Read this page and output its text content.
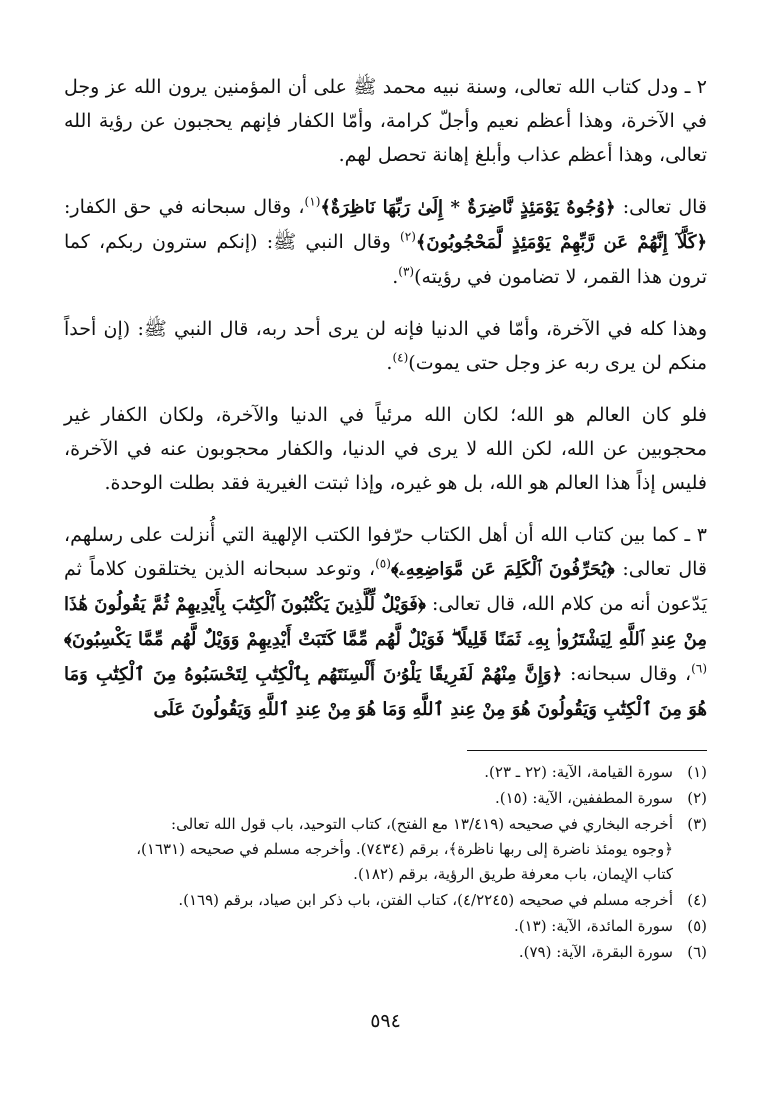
٢ ـ ودل كتاب الله تعالى، وسنة نبيه محمد ﷺ على أن المؤمنين يرون الله عز وجل في الآخرة، وهذا أعظم نعيم وأجلّ كرامة، وأمّا الكفار فإنهم يحجبون عن رؤية الله تعالى، وهذا أعظم عذاب وأبلغ إهانة تحصل لهم.

قال تعالى: ﴿وُجُوهٌ يَوْمَئِذٍ نَّاضِرَةٌ * إِلَىٰ رَبِّهَا نَاظِرَةٌ﴾$^{(١)}$، وقال سبحانه في حق الكفار: ﴿كَلَّآ إِنَّهُمْ عَن رَّبِّهِمْ يَوْمَئِذٍ لَّمَحْجُوبُونَ﴾$^{(٢)}$ وقال النبي ﷺ: (إنكم سترون ربكم، كما ترون هذا القمر، لا تضامون في رؤيته)$^{(٣)}$.

وهذا كله في الآخرة، وأمّا في الدنيا فإنه لن يرى أحد ربه، قال النبي ﷺ: (إن أحداً منكم لن يرى ربه عز وجل حتى يموت)$^{(٤)}$.

فلو كان العالم هو الله؛ لكان الله مرئياً في الدنيا والآخرة، ولكان الكفار غير محجوبين عن الله، لكن الله لا يرى في الدنيا، والكفار محجوبون عنه في الآخرة، فليس إذاً هذا العالم هو الله، بل هو غيره، وإذا ثبتت الغيرية فقد بطلت الوحدة.

٣ ـ كما بين كتاب الله أن أهل الكتاب حرّفوا الكتب الإلهية التي أُنزلت على رسلهم، قال تعالى: ﴿يُحَرِّفُونَ ٱلْكَلِمَ عَن مَّوَاضِعِهِۦ﴾$^{(٥)}$، وتوعد سبحانه الذين يختلقون كلاماً ثم يَدّعون أنه من كلام الله، قال تعالى: ﴿فَوَيْلٌ لِّلَّذِينَ يَكْتُبُونَ ٱلْكِتَٰبَ بِأَيْدِيهِمْ ثُمَّ يَقُولُونَ هَٰذَا مِنْ عِندِ ٱللَّهِ لِيَشْتَرُوا۟ بِهِۦ ثَمَنًا قَلِيلًا ۖ فَوَيْلٌ لَّهُم مِّمَّا كَتَبَتْ أَيْدِيهِمْ وَوَيْلٌ لَّهُم مِّمَّا يَكْسِبُونَ﴾$^{(٦)}$، وقال سبحانه: ﴿وَإِنَّ مِنْهُمْ لَفَرِيقًا يَلْوُۥنَ أَلْسِنَتَهُم بِٱلْكِتَٰبِ لِتَحْسَبُوهُ مِنَ ٱلْكِتَٰبِ وَمَا هُوَ مِنَ ٱلْكِتَٰبِ وَيَقُولُونَ هُوَ مِنْ عِندِ ٱللَّهِ وَمَا هُوَ مِنْ عِندِ ٱللَّهِ وَيَقُولُونَ عَلَى

(١)
سورة القيامة، الآية: (٢٢ ـ ٢٣).
(٢)
سورة المطففين، الآية: (١٥).
(٣)
أخرجه البخاري في صحيحه (١٣/٤١٩ مع الفتح)، كتاب التوحيد، باب قول الله تعالى:
﴿وجوه يومئذ ناضرة إلى ربها ناظرة﴾، برقم (٧٤٣٤). وأخرجه مسلم في صحيحه (١٦٣١)،
كتاب الإيمان، باب معرفة طريق الرؤية، برقم (١٨٢).
(٤)
أخرجه مسلم في صحيحه (٤/٢٢٤٥)، كتاب الفتن، باب ذكر ابن صياد، برقم (١٦٩).
(٥)
سورة المائدة، الآية: (١٣).
(٦)
سورة البقرة، الآية: (٧٩).
٥٩٤
